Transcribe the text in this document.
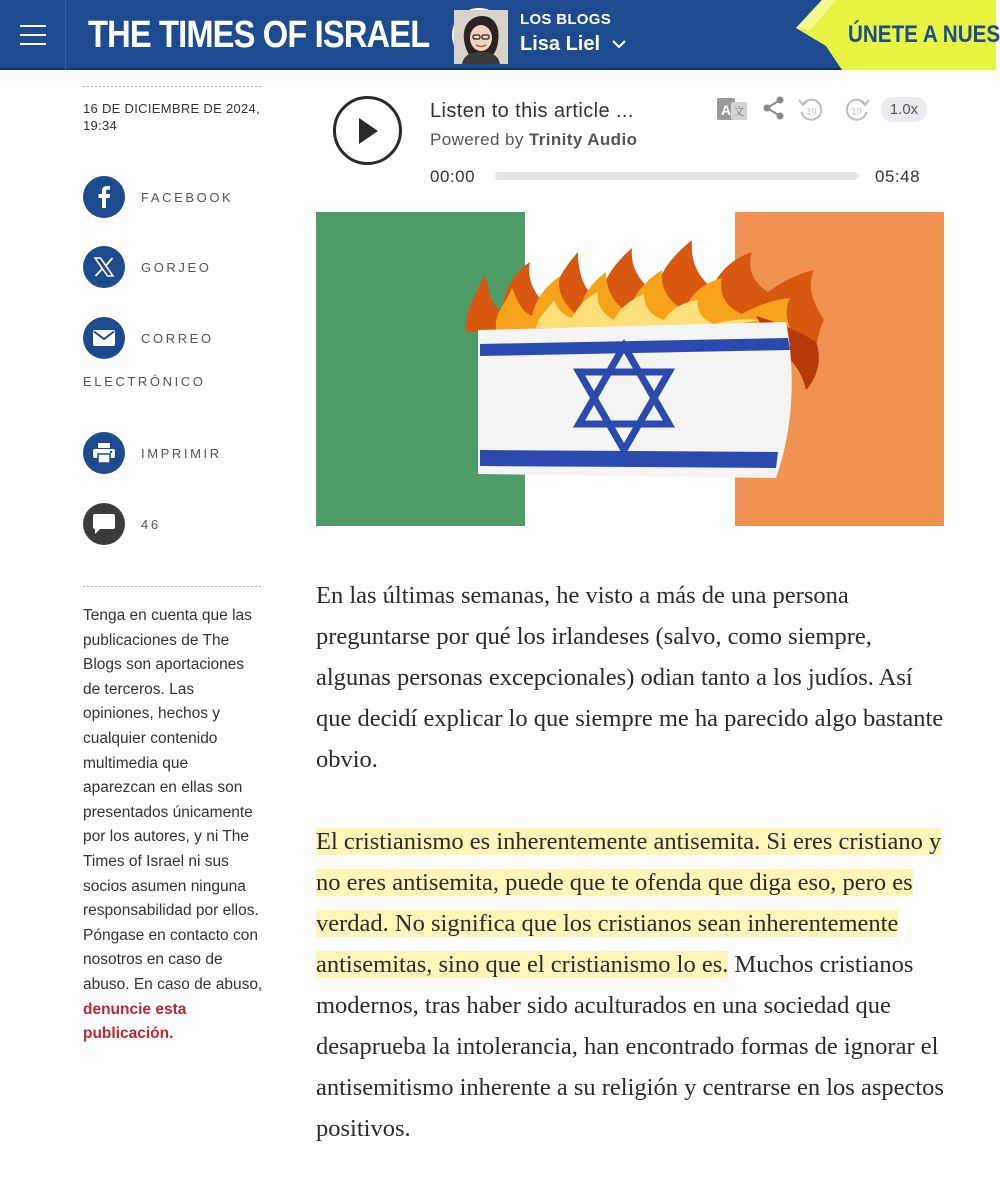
THE TIMES OF ISRAEL	LOS BLOGS
Lisa Liel	ÚNETE A NUES
16 DE DICIEMBRE DE 2024, 19:34
FACEBOOK
GORJEO
CORREO
ELECTRÓNICO
IMPRIMIR
46
Tenga en cuenta que las publicaciones de The Blogs son aportaciones de terceros. Las opiniones, hechos y cualquier contenido multimedia que aparezcan en ellas son presentados únicamente por los autores, y ni The Times of Israel ni sus socios asumen ninguna responsabilidad por ellos. Póngase en contacto con nosotros en caso de abuso. En caso de abuso,
denuncie esta publicación.
Listen to this article ...
Powered by Trinity Audio
A 文	10	10	1.0x
00:00	05:48

En las últimas semanas, he visto a más de una persona preguntarse por qué los irlandeses (salvo, como siempre, algunas personas excepcionales) odian tanto a los judíos. Así que decidí explicar lo que siempre me ha parecido algo bastante obvio.

El cristianismo es inherentemente antisemita. Si eres cristiano y no eres antisemita, puede que te ofenda que diga eso, pero es verdad. No significa que los cristianos sean inherentemente antisemitas, sino que el cristianismo lo es. Muchos cristianos modernos, tras haber sido aculturados en una sociedad que desaprueba la intolerancia, han encontrado formas de ignorar el antisemitismo inherente a su religión y centrarse en los aspectos positivos.
